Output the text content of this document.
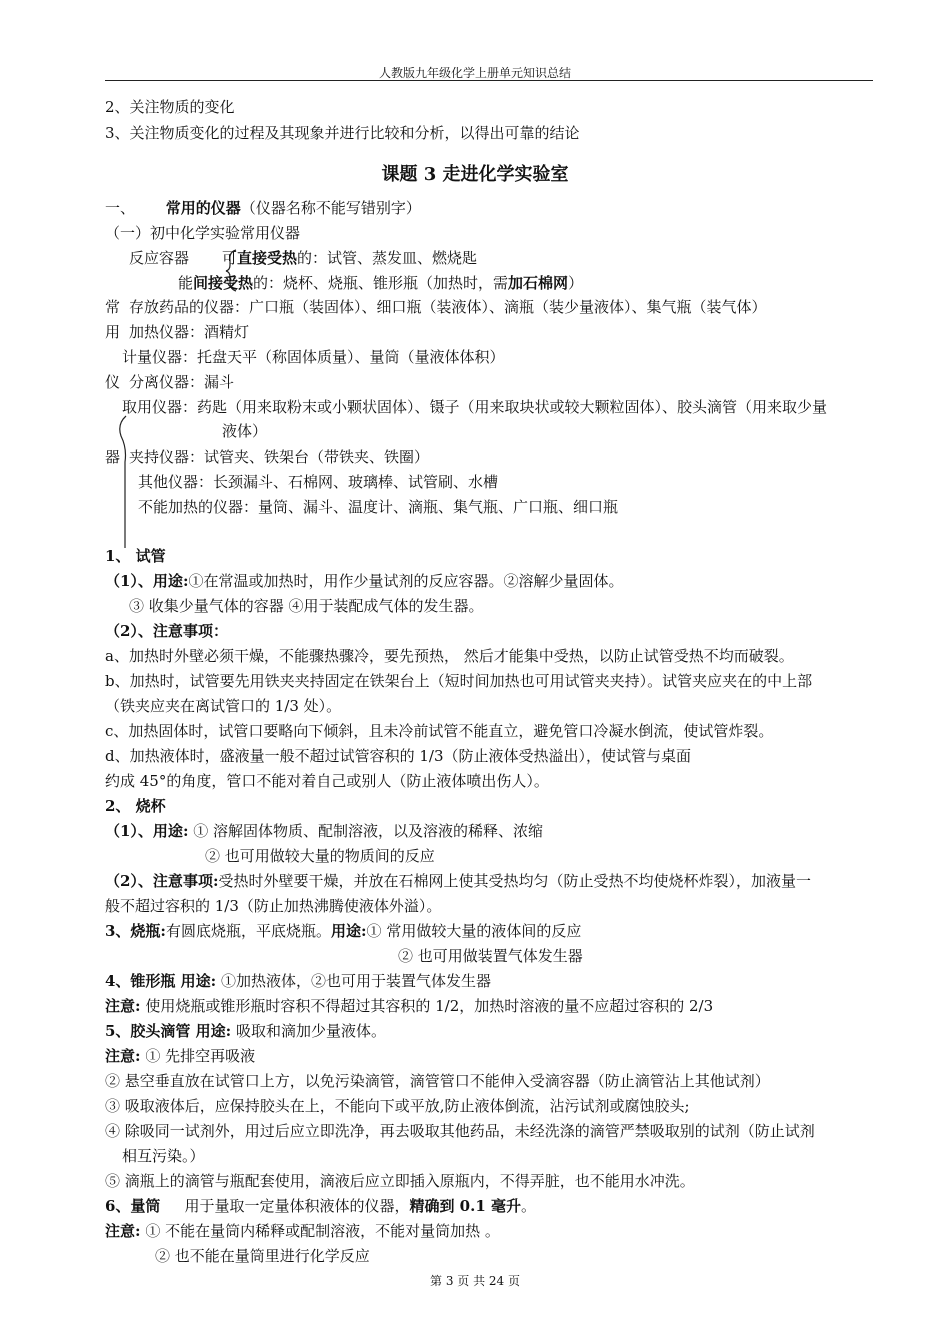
人教版九年级化学上册单元知识总结
2、关注物质的变化
3、关注物质变化的过程及其现象并进行比较和分析，以得出可靠的结论
课题 3 走进化学实验室
一、 常用的仪器（仪器名称不能写错别字）
（一）初中化学实验常用仪器
常
用
仪
器
反应容器 可直接受热的：试管、蒸发皿、燃烧匙
能间接受热的：烧杯、烧瓶、锥形瓶（加热时，需加石棉网）
存放药品的仪器：广口瓶（装固体）、细口瓶（装液体）、滴瓶（装少量液体）、集气瓶（装气体）
加热仪器：酒精灯
计量仪器：托盘天平（称固体质量）、量筒（量液体体积）
分离仪器：漏斗
取用仪器：药匙（用来取粉末或小颗状固体）、镊子（用来取块状或较大颗粒固体）、胶头滴管（用来取少量
液体）
夹持仪器：试管夹、铁架台（带铁夹、铁圈）
其他仪器：长颈漏斗、石棉网、玻璃棒、试管刷、水槽
不能加热的仪器：量筒、漏斗、温度计、滴瓶、集气瓶、广口瓶、细口瓶
1、 试管
（1）、用途:①在常温或加热时，用作少量试剂的反应容器。②溶解少量固体。
③ 收集少量气体的容器 ④用于装配成气体的发生器。
（2）、注意事项：
a、加热时外壁必须干燥，不能骤热骤冷，要先预热， 然后才能集中受热，以防止试管受热不均而破裂。
b、加热时，试管要先用铁夹夹持固定在铁架台上（短时间加热也可用试管夹夹持）。试管夹应夹在的中上部
（铁夹应夹在离试管口的 1/3 处）。
c、加热固体时，试管口要略向下倾斜，且未冷前试管不能直立，避免管口冷凝水倒流，使试管炸裂。
d、加热液体时，盛液量一般不超过试管容积的 1/3（防止液体受热溢出），使试管与桌面
约成 45°的角度，管口不能对着自己或别人（防止液体喷出伤人）。
2、 烧杯
（1）、用途: ① 溶解固体物质、配制溶液，以及溶液的稀释、浓缩
② 也可用做较大量的物质间的反应
（2）、注意事项:受热时外壁要干燥，并放在石棉网上使其受热均匀（防止受热不均使烧杯炸裂），加液量一
般不超过容积的 1/3（防止加热沸腾使液体外溢）。
3、烧瓶:有圆底烧瓶，平底烧瓶。用途:① 常用做较大量的液体间的反应
② 也可用做装置气体发生器
4、锥形瓶 用途: ①加热液体，②也可用于装置气体发生器
注意: 使用烧瓶或锥形瓶时容积不得超过其容积的 1/2，加热时溶液的量不应超过容积的 2/3
5、胶头滴管 用途: 吸取和滴加少量液体。
注意: ① 先排空再吸液
② 悬空垂直放在试管口上方，以免污染滴管，滴管管口不能伸入受滴容器（防止滴管沾上其他试剂）
③ 吸取液体后，应保持胶头在上，不能向下或平放,防止液体倒流，沾污试剂或腐蚀胶头;
④ 除吸同一试剂外，用过后应立即洗净，再去吸取其他药品，未经洗涤的滴管严禁吸取别的试剂（防止试剂
相互污染。）
⑤ 滴瓶上的滴管与瓶配套使用，滴液后应立即插入原瓶内，不得弄脏，也不能用水冲洗。
6、量筒 用于量取一定量体积液体的仪器，精确到 0.1 毫升。
注意: ① 不能在量筒内稀释或配制溶液，不能对量筒加热 。
② 也不能在量筒里进行化学反应
第 3 页 共 24 页
